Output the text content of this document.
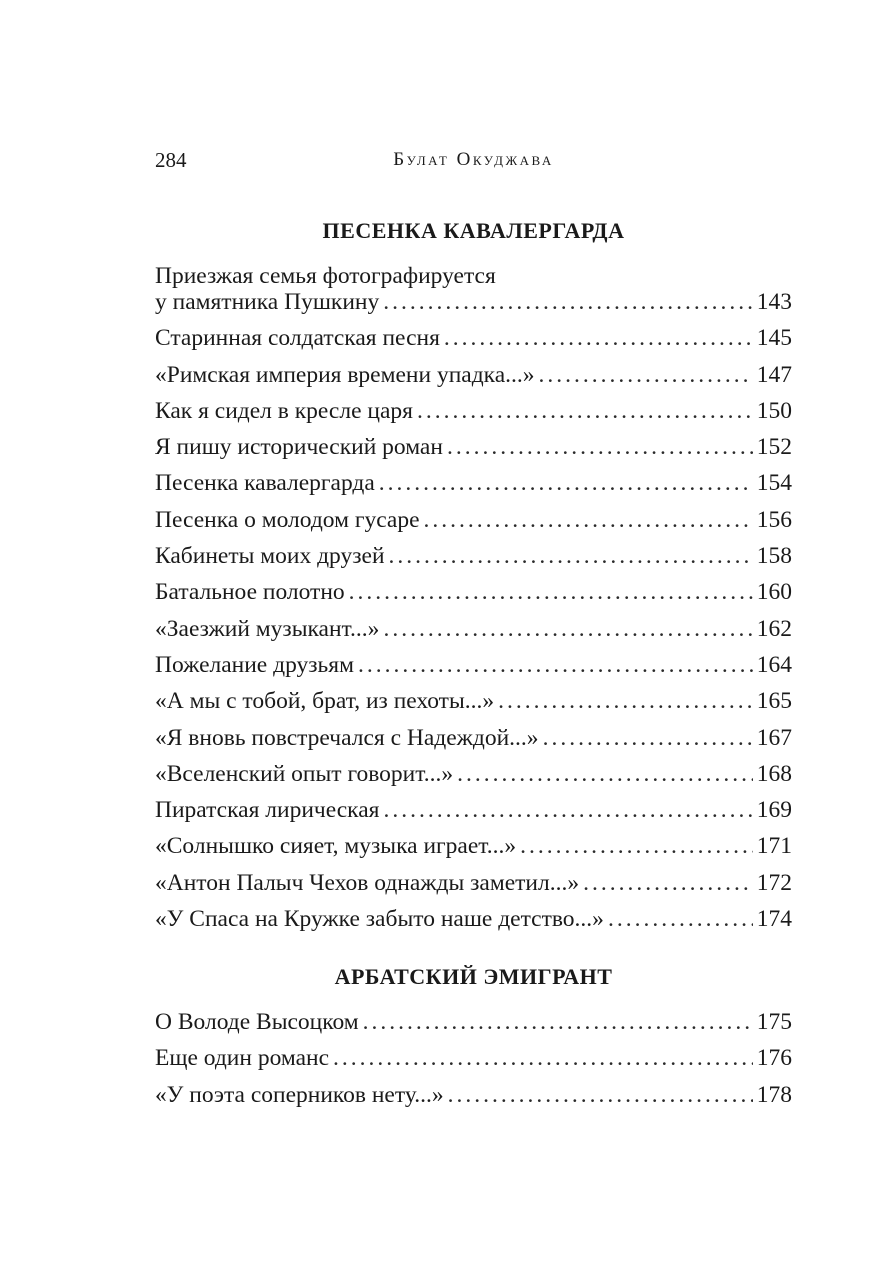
284	Булат Окуджава
ПЕСЕНКА КАВАЛЕРГАРДА
Приезжая семья фотографируется
у памятника Пушкину .....	143
Старинная солдатская песня .....	145
«Римская империя времени упадка...» .....	147
Как я сидел в кресле царя .....	150
Я пишу исторический роман .....	152
Песенка кавалергарда .....	154
Песенка о молодом гусаре .....	156
Кабинеты моих друзей .....	158
Батальное полотно .....	160
«Заезжий музыкант...» .....	162
Пожелание друзьям .....	164
«А мы с тобой, брат, из пехоты...» .....	165
«Я вновь повстречался с Надеждой...» .....	167
«Вселенский опыт говорит...» .....	168
Пиратская лирическая .....	169
«Солнышко сияет, музыка играет...» .....	171
«Антон Палыч Чехов однажды заметил...» .....	172
«У Спаса на Кружке забыто наше детство...» .....	174
АРБАТСКИЙ ЭМИГРАНТ
О Володе Высоцком .....	175
Еще один романс .....	176
«У поэта соперников нету...» .....	178
